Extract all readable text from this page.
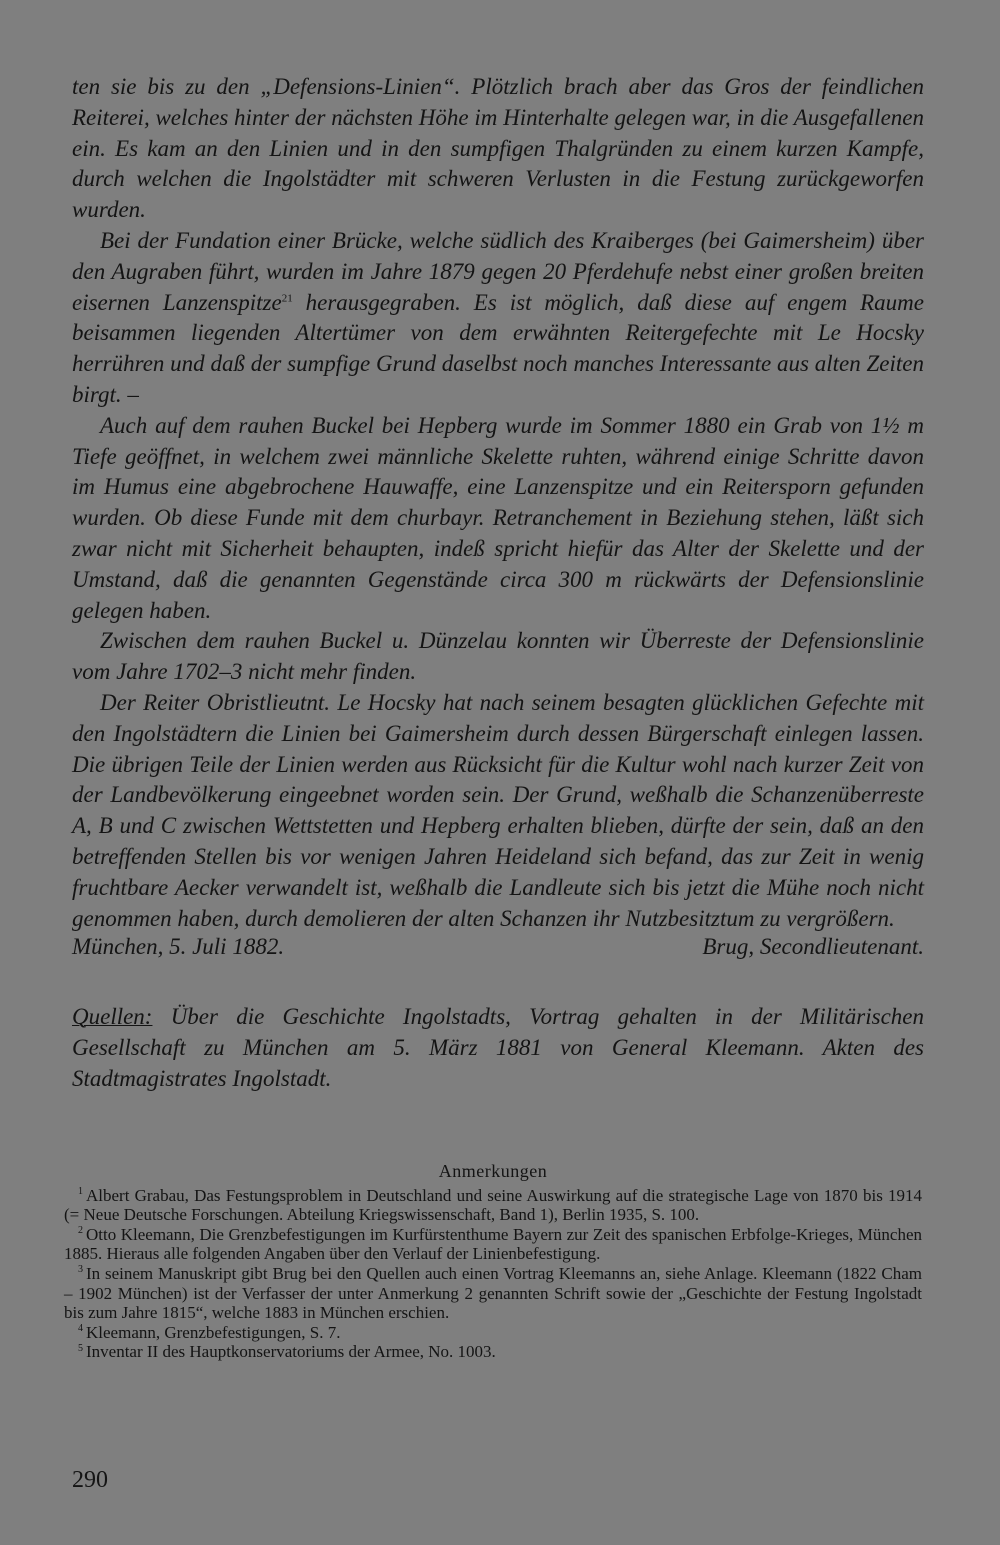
ten sie bis zu den „Defensions-Linien“. Plötzlich brach aber das Gros der feindlichen Reiterei, welches hinter der nächsten Höhe im Hinterhalte gelegen war, in die Ausgefallenen ein. Es kam an den Linien und in den sumpfigen Thalgründen zu einem kurzen Kampfe, durch welchen die Ingolstädter mit schweren Verlusten in die Festung zurückgeworfen wurden.

Bei der Fundation einer Brücke, welche südlich des Kraiberges (bei Gaimersheim) über den Augraben führt, wurden im Jahre 1879 gegen 20 Pferdehufe nebst einer großen breiten eisernen Lanzenspitze$^{21}$ herausgegraben. Es ist möglich, daß diese auf engem Raume beisammen liegenden Altertümer von dem erwähnten Reitergefechte mit Le Hocsky herrühren und daß der sumpfige Grund daselbst noch manches Interessante aus alten Zeiten birgt. –

Auch auf dem rauhen Buckel bei Hepberg wurde im Sommer 1880 ein Grab von 1½ m Tiefe geöffnet, in welchem zwei männliche Skelette ruhten, während einige Schritte davon im Humus eine abgebrochene Hauwaffe, eine Lanzenspitze und ein Reitersporn gefunden wurden. Ob diese Funde mit dem churbayr. Retranchement in Beziehung stehen, läßt sich zwar nicht mit Sicherheit behaupten, indeß spricht hiefür das Alter der Skelette und der Umstand, daß die genannten Gegenstände circa 300 m rückwärts der Defensionslinie gelegen haben.

Zwischen dem rauhen Buckel u. Dünzelau konnten wir Überreste der Defensionslinie vom Jahre 1702–3 nicht mehr finden.

Der Reiter Obristlieutnt. Le Hocsky hat nach seinem besagten glücklichen Gefechte mit den Ingolstädtern die Linien bei Gaimersheim durch dessen Bürgerschaft einlegen lassen. Die übrigen Teile der Linien werden aus Rücksicht für die Kultur wohl nach kurzer Zeit von der Landbevölkerung eingeebnet worden sein. Der Grund, weßhalb die Schanzenüberreste A, B und C zwischen Wettstetten und Hepberg erhalten blieben, dürfte der sein, daß an den betreffenden Stellen bis vor wenigen Jahren Heideland sich befand, das zur Zeit in wenig fruchtbare Aecker verwandelt ist, weßhalb die Landleute sich bis jetzt die Mühe noch nicht genommen haben, durch demolieren der alten Schanzen ihr Nutzbesitztum zu vergrößern.

München, 5. Juli 1882.	Brug, Secondlieutenant.
Quellen: Über die Geschichte Ingolstadts, Vortrag gehalten in der Militärischen Gesellschaft zu München am 5. März 1881 von General Kleemann. Akten des Stadtmagistrates Ingolstadt.
Anmerkungen

$^1$ Albert Grabau, Das Festungsproblem in Deutschland und seine Auswirkung auf die strategische Lage von 1870 bis 1914 (= Neue Deutsche Forschungen. Abteilung Kriegswissenschaft, Band 1), Berlin 1935, S. 100.

$^2$ Otto Kleemann, Die Grenzbefestigungen im Kurfürstenthume Bayern zur Zeit des spanischen Erbfolge-Krieges, München 1885. Hieraus alle folgenden Angaben über den Verlauf der Linienbefestigung.

$^3$ In seinem Manuskript gibt Brug bei den Quellen auch einen Vortrag Kleemanns an, siehe Anlage. Kleemann (1822 Cham – 1902 München) ist der Verfasser der unter Anmerkung 2 genannten Schrift sowie der „Geschichte der Festung Ingolstadt bis zum Jahre 1815“, welche 1883 in München erschien.

$^4$ Kleemann, Grenzbefestigungen, S. 7.

$^5$ Inventar II des Hauptkonservatoriums der Armee, No. 1003.

290
